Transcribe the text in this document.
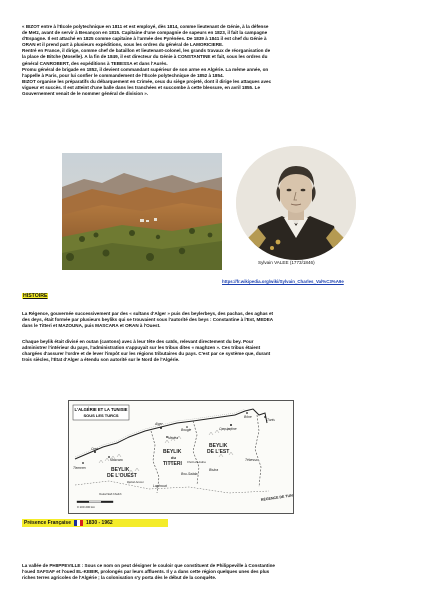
« BIZOT entre à l'École polytechnique en 1811 et est employé, dès 1814, comme lieutenant de Génie, à la défense
de Metz, avant de servir à Besançon en 1815. Capitaine d'une compagnie de sapeurs en 1823, il fait la campagne
d'Espagne. Il est attaché en 1825 comme capitaine à l'armée des Pyrénées. De 1839 à 1841 il est chef du Génie à
ORAN et il prend part à plusieurs expéditions, sous les ordres du général de LAMORICIERE.
Rentré en France, il dirige, comme chef de bataillon et lieutenant-colonel, les grands travaux de réorganisation de
la place de Bitche (Moselle). A la fin de 1849, il est directeur du Génie à CONSTANTINE et fait, sous les ordres du
général CANROBERT, des expéditions à TEBESSA et dans l'Aurès.
Promu général de brigade en 1852, il devient commandant supérieur de son arme en Algérie. La même année, on
l'appelle à Paris, pour lui confier le commandement de l'École polytechnique de 1852 à 1854.
BIZOT organise les préparatifs du débarquement en Crimée, ceux du siège projeté, dont il dirige les attaques avec
vigueur et succès. Il est atteint d'une balle dans les tranchées et succombe à cette blessure, en avril 1855. Le
Gouvernement venait de le nommer général de division ».
Sylvain VALEE (1773/1846)
https://fr.wikipedia.org/wiki/Sylvain_Charles_Val%C3%A9e
HISTOIRE
La Régence, gouvernée successivement par des « sultans d'Alger » puis des beylerbeys, des pachas, des aghas et
des deys, était formée par plusieurs beyliks qui se trouvaient sous l'autorité des beys : Constantine à l'Est, MEDEA
dans le Titteri et MAZOUNA, puis MASCARA et ORAN à l'Ouest.
Chaque beylik était divisé en outan (cantons) avec à leur tête des caïds, relevant directement du bey. Pour
administrer l'intérieur du pays, l'administration s'appuyait sur les tribus dites « maghzen ». Ces tribus étaient
chargées d'assurer l'ordre et de lever l'impôt sur les régions tributaires du pays. C'est par ce système que, durant
trois siècles, l'État d'Alger a étendu son autorité sur le Nord de l'Algérie.
L'ALGÉRIE ET LA TUNISIE
SOUS LES TURCS
BEYLIK
DE L'OUEST
BEYLIK
du
TITTERI
BEYLIK
DE L'EST
RÉGENCE DE TUNIS
Alger
Médéa
Oran
Mascara
Constantine
Bône
Tunis
Tlemcen
Bougie
Laghouat
Biskra
Tébessa
Bou-Saâda
Chott el Hodna
Ouled Sidi Cheikh
Djebel Amour
0 100 200 km
Présence Française	1830 - 1962
La vallée de PHIIPPEVILLE : Sous ce nom on peut désigner le couloir que constituent de Philippeville à Constantine
l'oued SAFSAF et l'oued EL-KEBIR, prolongés par leurs affluents. Il y a dans cette région quelques unes des plus
riches terres agricoles de l'Algérie ; la colonisation s'y porta dès le début de la conquête.
